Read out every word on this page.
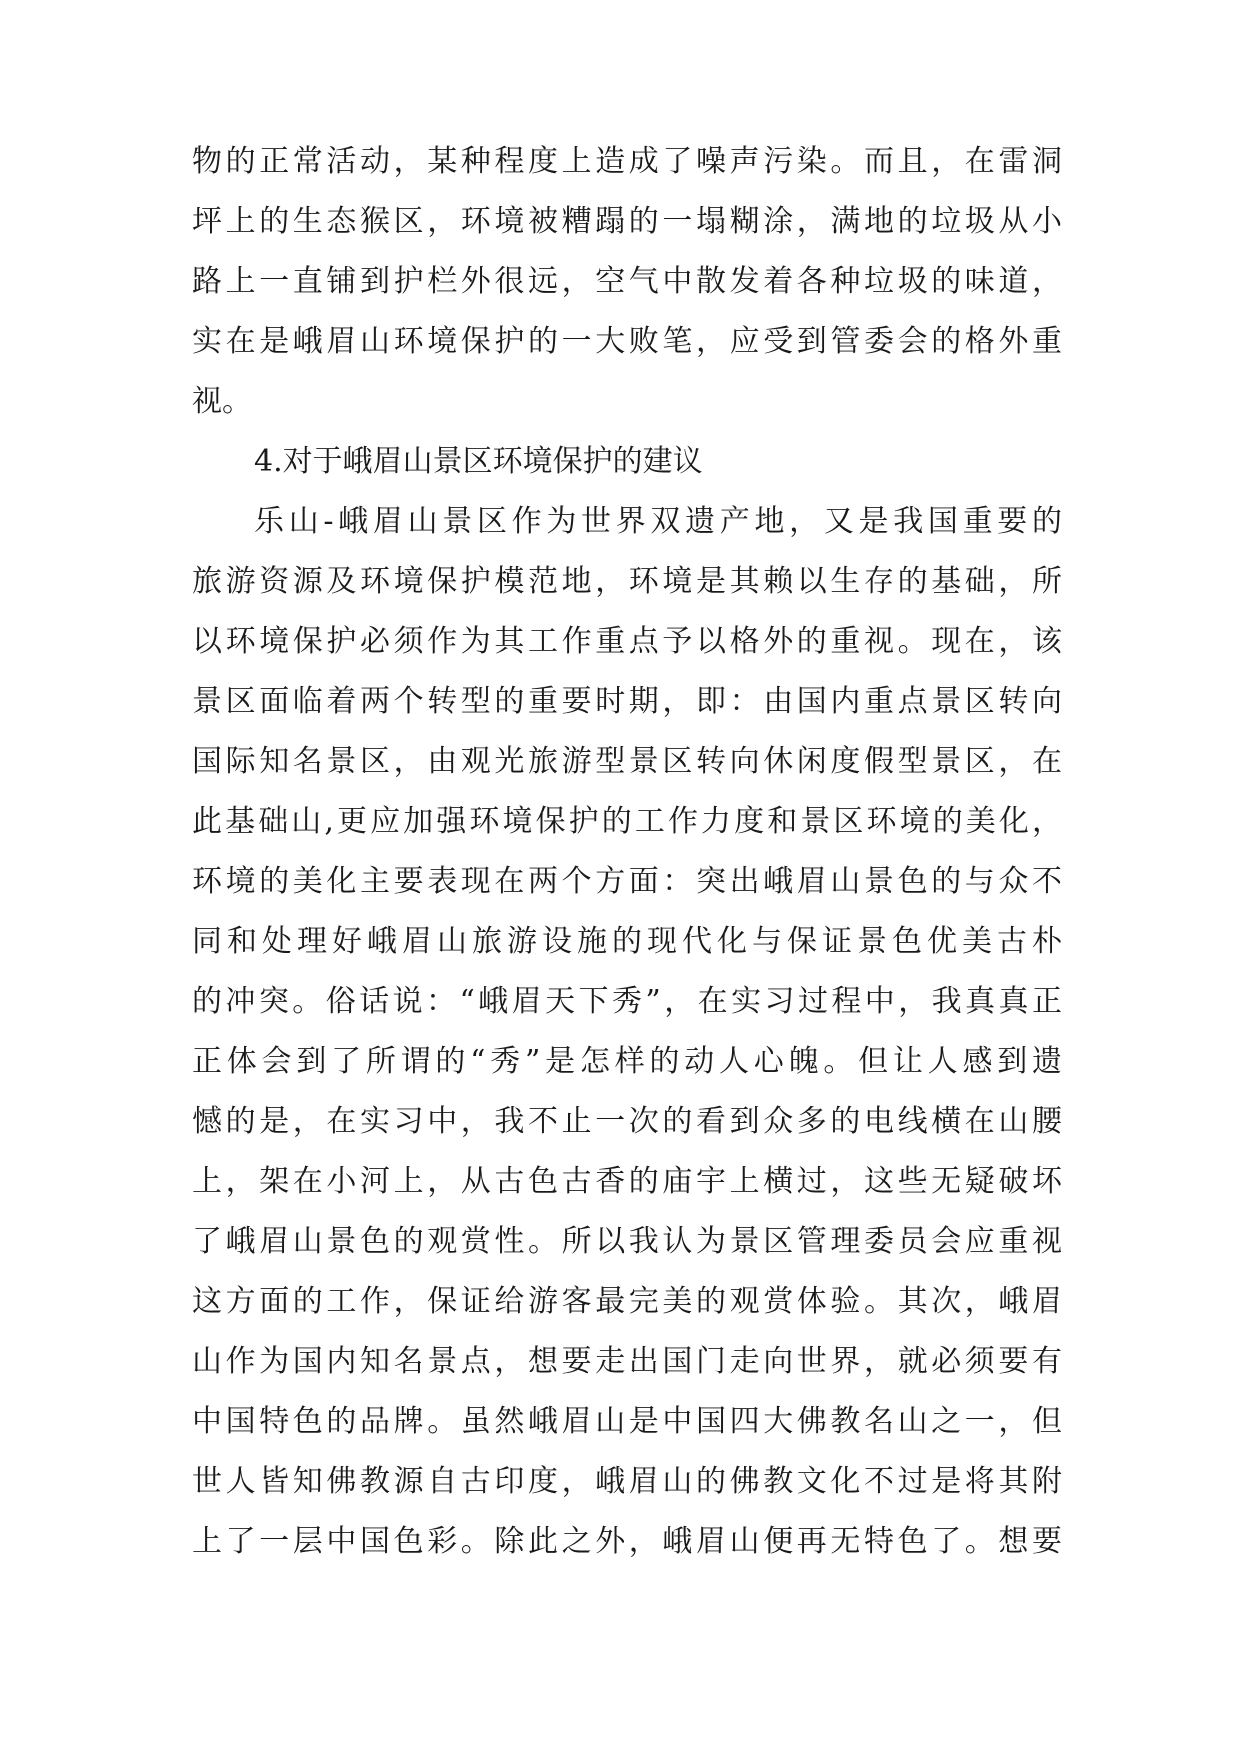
物的正常活动，某种程度上造成了噪声污染。而且，在雷洞
坪上的生态猴区，环境被糟蹋的一塌糊涂，满地的垃圾从小
路上一直铺到护栏外很远，空气中散发着各种垃圾的味道，
实在是峨眉山环境保护的一大败笔，应受到管委会的格外重
视。
4.对于峨眉山景区环境保护的建议
乐山-峨眉山景区作为世界双遗产地，又是我国重要的
旅游资源及环境保护模范地，环境是其赖以生存的基础，所
以环境保护必须作为其工作重点予以格外的重视。现在，该
景区面临着两个转型的重要时期，即：由国内重点景区转向
国际知名景区，由观光旅游型景区转向休闲度假型景区，在
此基础山,更应加强环境保护的工作力度和景区环境的美化，
环境的美化主要表现在两个方面：突出峨眉山景色的与众不
同和处理好峨眉山旅游设施的现代化与保证景色优美古朴
的冲突。俗话说：“峨眉天下秀”，在实习过程中，我真真正
正体会到了所谓的“秀”是怎样的动人心魄。但让人感到遗
憾的是，在实习中，我不止一次的看到众多的电线横在山腰
上，架在小河上，从古色古香的庙宇上横过，这些无疑破坏
了峨眉山景色的观赏性。所以我认为景区管理委员会应重视
这方面的工作，保证给游客最完美的观赏体验。其次，峨眉
山作为国内知名景点，想要走出国门走向世界，就必须要有
中国特色的品牌。虽然峨眉山是中国四大佛教名山之一，但
世人皆知佛教源自古印度，峨眉山的佛教文化不过是将其附
上了一层中国色彩。除此之外，峨眉山便再无特色了。想要
